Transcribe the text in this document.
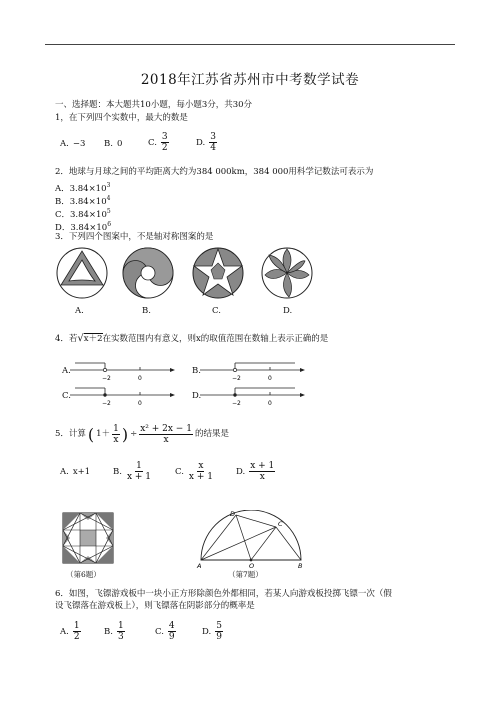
2018年江苏省苏州市中考数学试卷
一、选择题：本大题共10小题，每小题3分，共30分
1，在下列四个实数中，最大的数是
A. −3 B. 0	C. $\frac{3}{2}$	D. $\frac{3}{4}$
2．地球与月球之间的平均距离大约为384 000km，384 000用科学记数法可表示为
A．$3.84\times 10^3$
B．$3.84\times 10^4$
C．$3.84\times 10^5$
D．$3.84\times 10^6$
3．下列四个图案中，不是轴对称图案的是
A.	B.	C.	D.
4．若√x＋2在实数范围内有意义，则x的取值范围在数轴上表示正确的是
A.	B.
C.	D.
−2	0	−2	0
−2	0	−2	0
5．计算 ( $1+ \frac{1}{x}$ ) ÷ $\frac{\text{x² + 2x − 1}}{x}$ 的结果是
A. x+1	B. $\frac{1}{x + 1}$	C. $\frac{x}{x + 1}$	D. $\frac{x + 1}{x}$
（第6题）
A	O	B
D
C
（第7题）
6．如图，飞镖游戏板中一块小正方形除颜色外都相同，若某人向游戏板投掷飞镖一次（假
设飞镖落在游戏板上），则飞镖落在阴影部分的概率是
A. $\frac{1}{2}$	B. $\frac{1}{3}$	C. $\frac{4}{9}$	D. $\frac{5}{9}$
